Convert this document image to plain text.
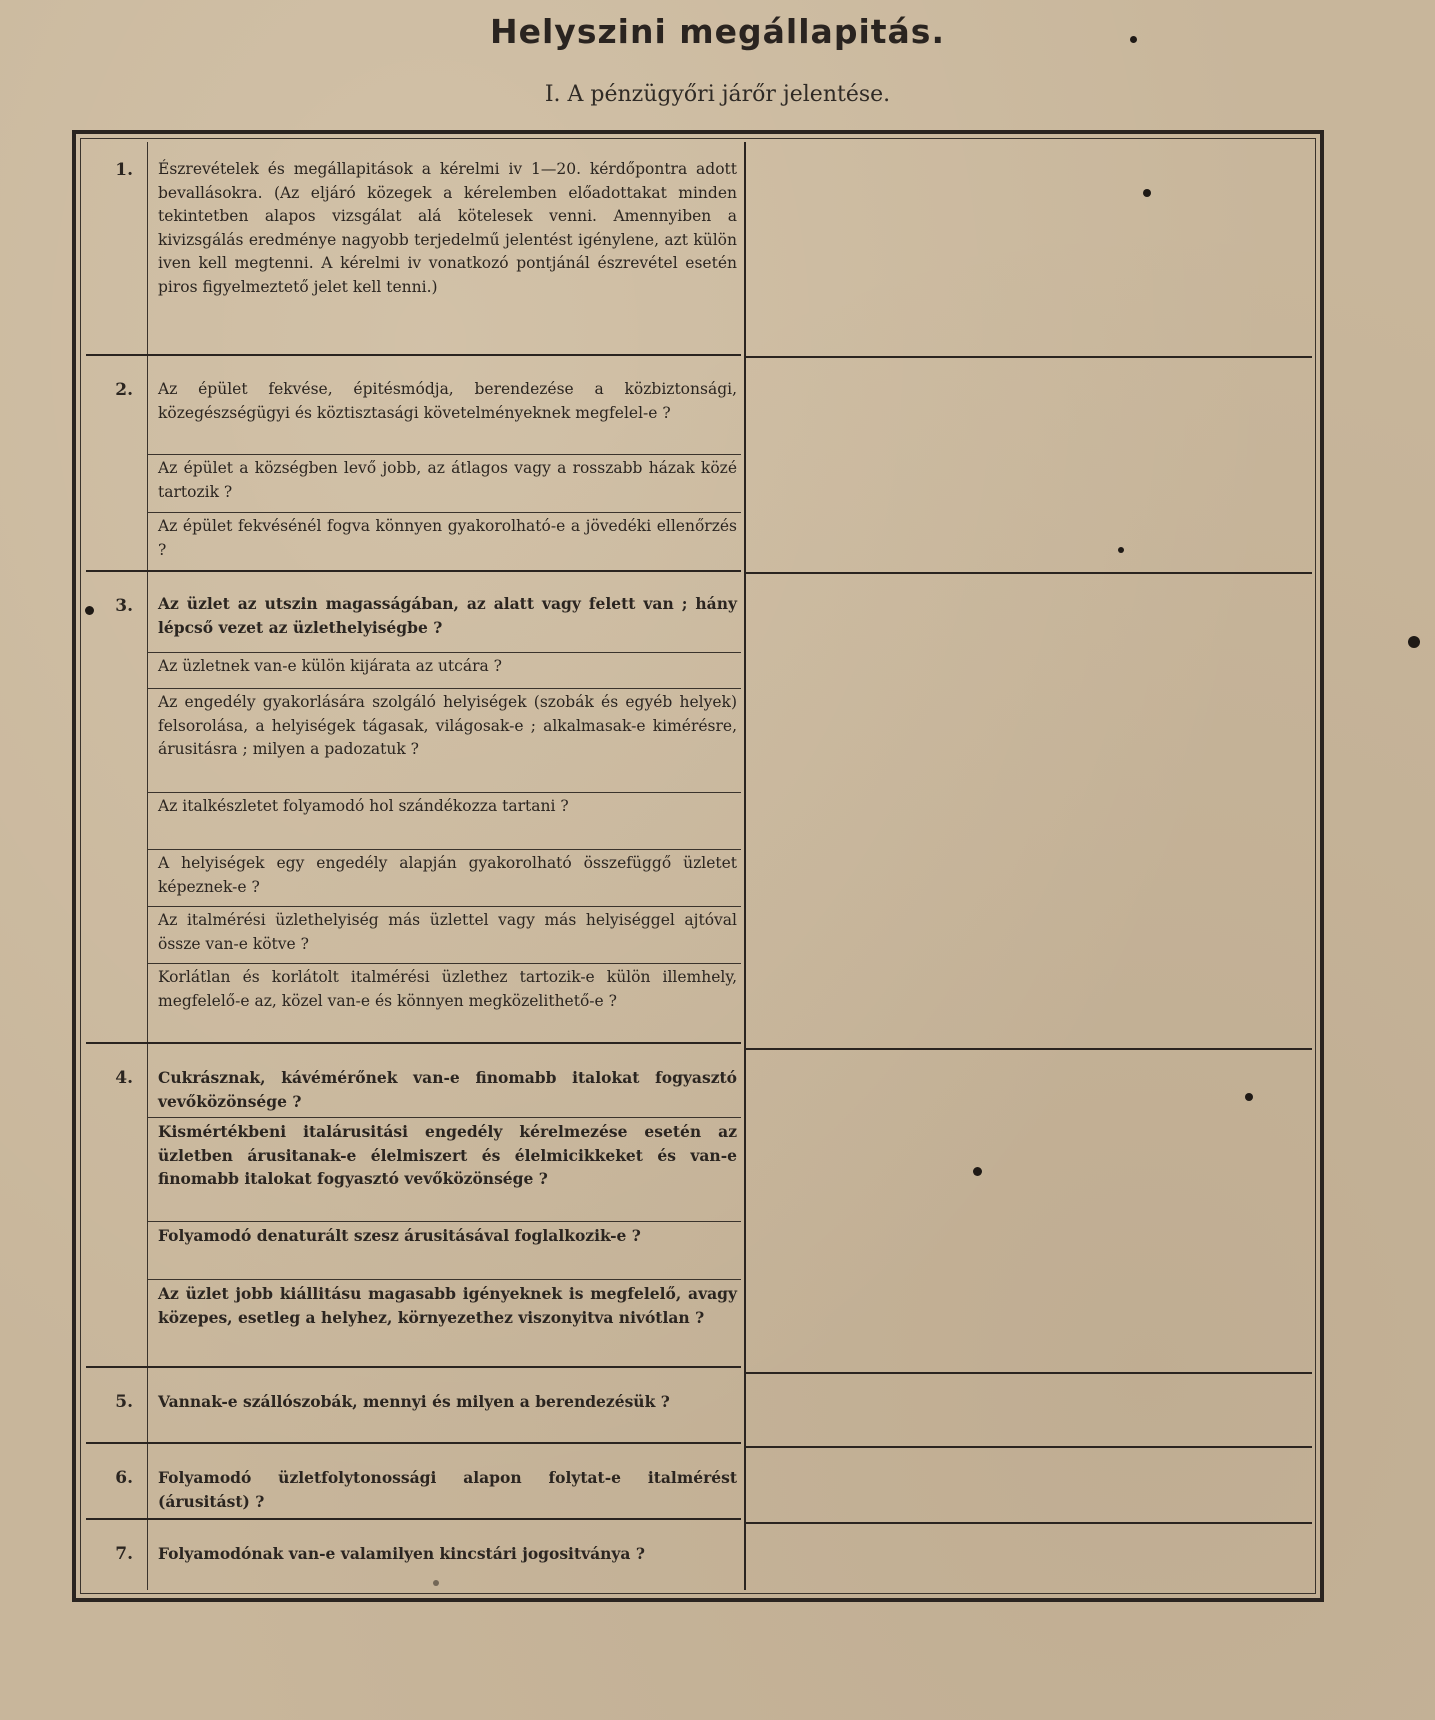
Helyszini megállapitás.
I. A pénzügyőri járőr jelentése.
1.	Észrevételek és megállapitások a kérelmi iv 1—20. kérdőpontra adott bevallásokra. (Az eljáró közegek a kérelemben előadottakat minden tekintetben alapos vizsgálat alá kötelesek venni. Amennyiben a kivizsgálás eredménye nagyobb terjedelmű jelentést igénylene, azt külön iven kell megtenni. A kérelmi iv vonatkozó pontjánál észrevétel esetén piros figyelmeztető jelet kell tenni.)
2.	Az épület fekvése, épitésmódja, berendezése a közbiztonsági, közegészségügyi és köztisztasági követelményeknek megfelel-e ?
Az épület a községben levő jobb, az átlagos vagy a rosszabb házak közé tartozik ?
Az épület fekvésénél fogva könnyen gyakorolható-e a jövedéki ellenőrzés ?
3.	Az üzlet az utszin magasságában, az alatt vagy felett van ; hány lépcső vezet az üzlethelyiségbe ?
Az üzletnek van-e külön kijárata az utcára ?
Az engedély gyakorlására szolgáló helyiségek (szobák és egyéb helyek) felsorolása, a helyiségek tágasak, világosak-e ; alkalmasak-e kimérésre, árusitásra ; milyen a padozatuk ?
Az italkészletet folyamodó hol szándékozza tartani ?
A helyiségek egy engedély alapján gyakorolható összefüggő üzletet képeznek-e ?
Az italmérési üzlethelyiség más üzlettel vagy más helyiséggel ajtóval össze van-e kötve ?
Korlátlan és korlátolt italmérési üzlethez tartozik-e külön illemhely, megfelelő-e az, közel van-e és könnyen megközelithető-e ?
4.	Cukrásznak, kávémérőnek van-e finomabb italokat fogyasztó vevőközönsége ?
Kismértékbeni italárusitási engedély kérelmezése esetén az üzletben árusitanak-e élelmiszert és élelmicikkeket és van-e finomabb italokat fogyasztó vevőközönsége ?
Folyamodó denaturált szesz árusitásával foglalkozik-e ?
Az üzlet jobb kiállitásu magasabb igényeknek is megfelelő, avagy közepes, esetleg a helyhez, környezethez viszonyitva nivótlan ?
5.	Vannak-e szállószobák, mennyi és milyen a berendezésük ?
6.	Folyamodó üzletfolytonossági alapon folytat-e italmérést (árusitást) ?
7.	Folyamodónak van-e valamilyen kincstári jogositványa ?
